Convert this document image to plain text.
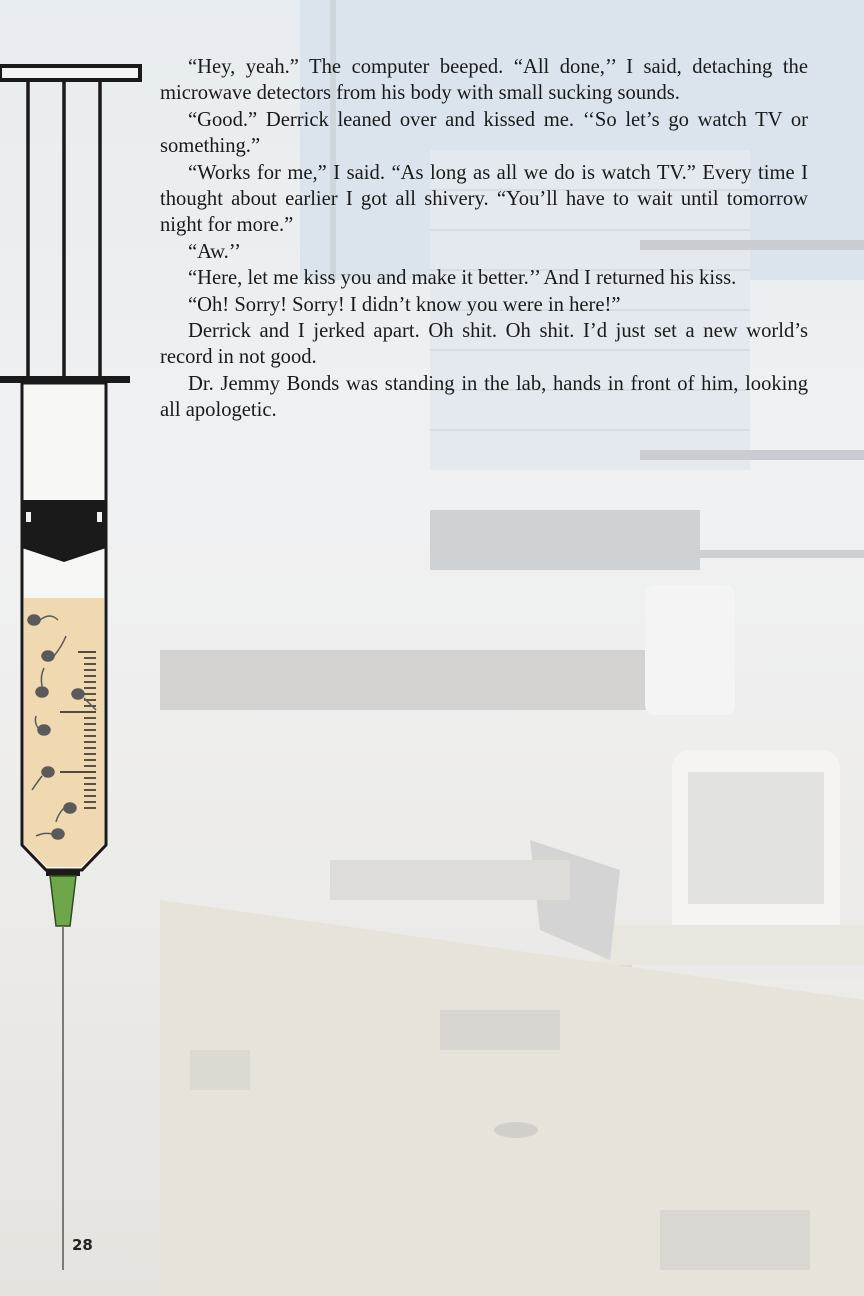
“Hey, yeah.” The computer beeped. “All done,’’ I said, detaching the microwave detectors from his body with small sucking sounds.

“Good.” Derrick leaned over and kissed me. ‘‘So let’s go watch TV or something.”

“Works for me,” I said. “As long as all we do is watch TV.” Every time I thought about earlier I got all shivery. “You’ll have to wait until tomorrow night for more.”

“Aw.’’

“Here, let me kiss you and make it better.’’ And I returned his kiss.

“Oh! Sorry! Sorry! I didn’t know you were in here!”

Derrick and I jerked apart. Oh shit. Oh shit. I’d just set a new world’s record in not good.

Dr. Jemmy Bonds was standing in the lab, hands in front of him, looking all apologetic.

28
